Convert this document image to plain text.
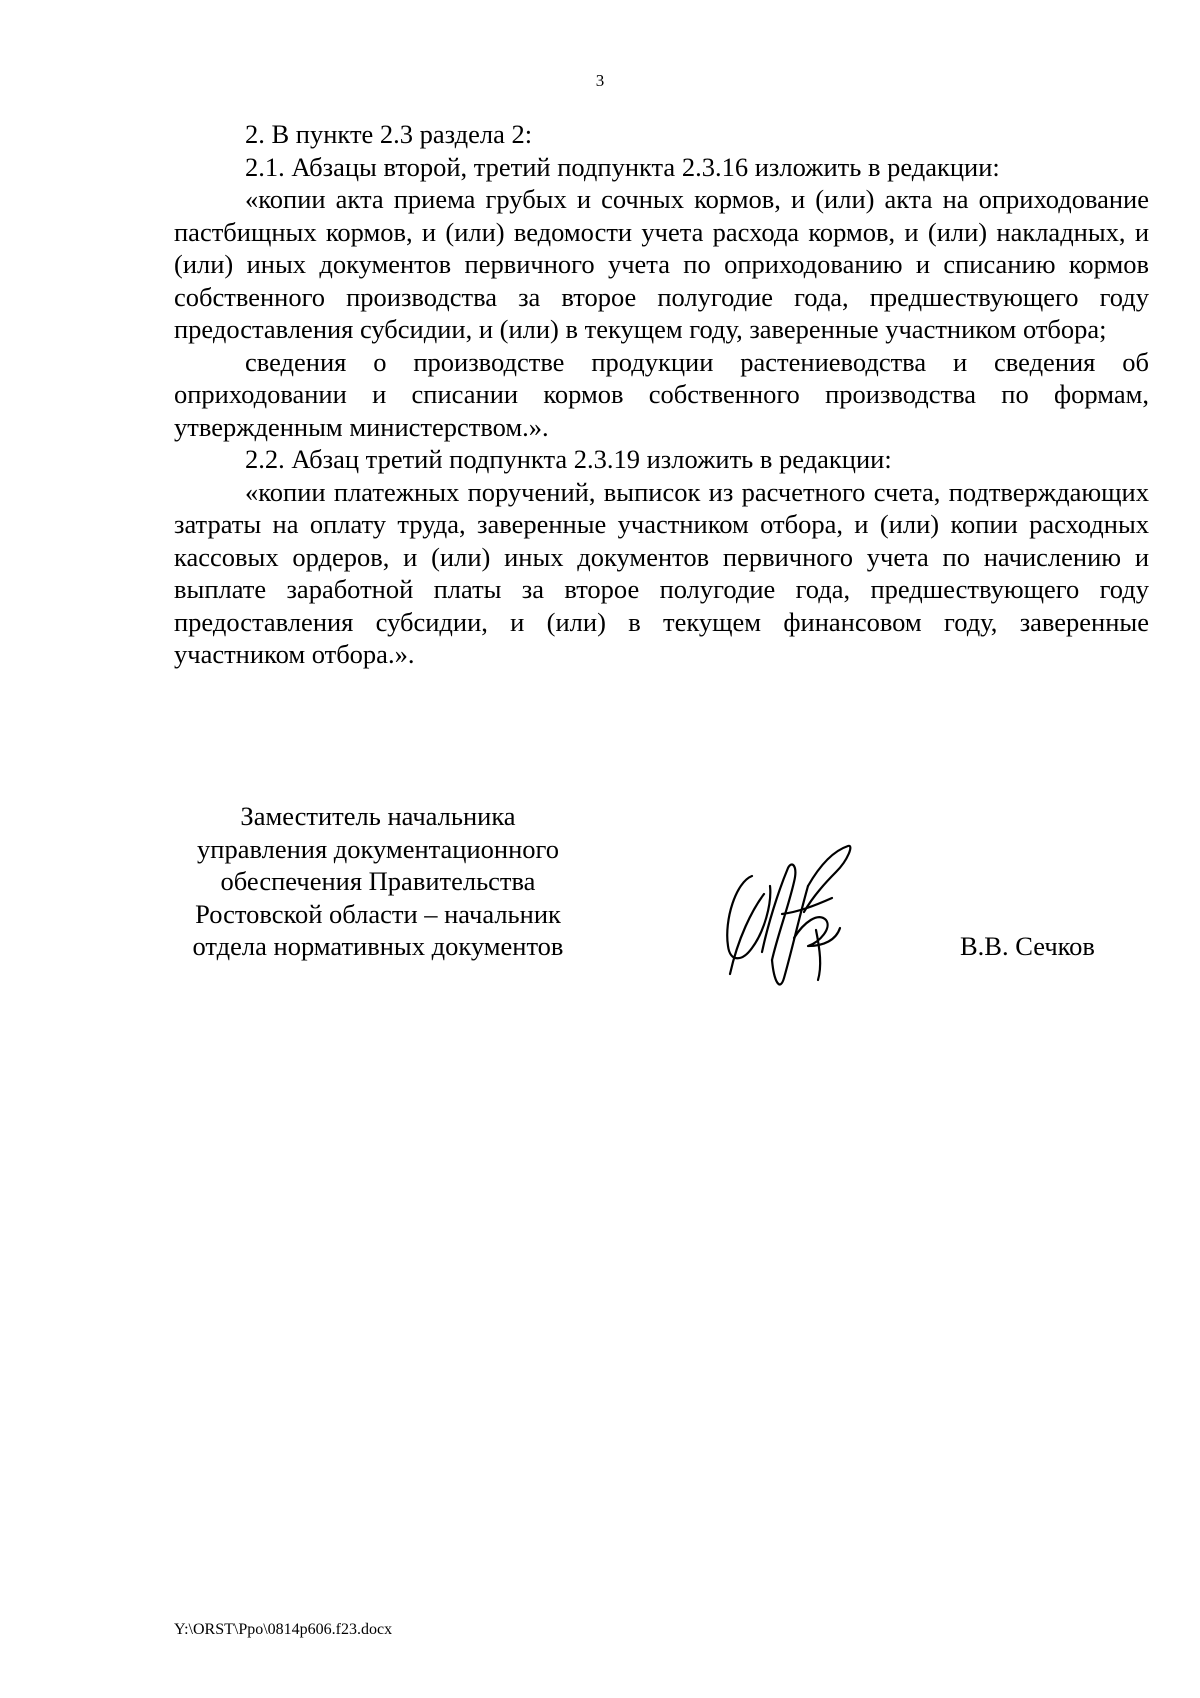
3

2. В пункте 2.3 раздела 2:

2.1. Абзацы второй, третий подпункта 2.3.16 изложить в редакции:

«копии акта приема грубых и сочных кормов, и (или) акта на оприходование пастбищных кормов, и (или) ведомости учета расхода кормов, и (или) накладных, и (или) иных документов первичного учета по оприходованию и списанию кормов собственного производства за второе полугодие года, предшествующего году предоставления субсидии, и (или) в текущем году, заверенные участником отбора;

сведения о производстве продукции растениеводства и сведения об оприходовании и списании кормов собственного производства по формам, утвержденным министерством.».

2.2. Абзац третий подпункта 2.3.19 изложить в редакции:

«копии платежных поручений, выписок из расчетного счета, подтверждающих затраты на оплату труда, заверенные участником отбора, и (или) копии расходных кассовых ордеров, и (или) иных документов первичного учета по начислению и выплате заработной платы за второе полугодие года, предшествующего году предоставления субсидии, и (или) в текущем финансовом году, заверенные участником отбора.».

Заместитель начальника
управления документационного
обеспечения Правительства
Ростовской области – начальник
отдела нормативных документов	В.В. Сечков
Y:\ORST\Ppo\0814p606.f23.docx
